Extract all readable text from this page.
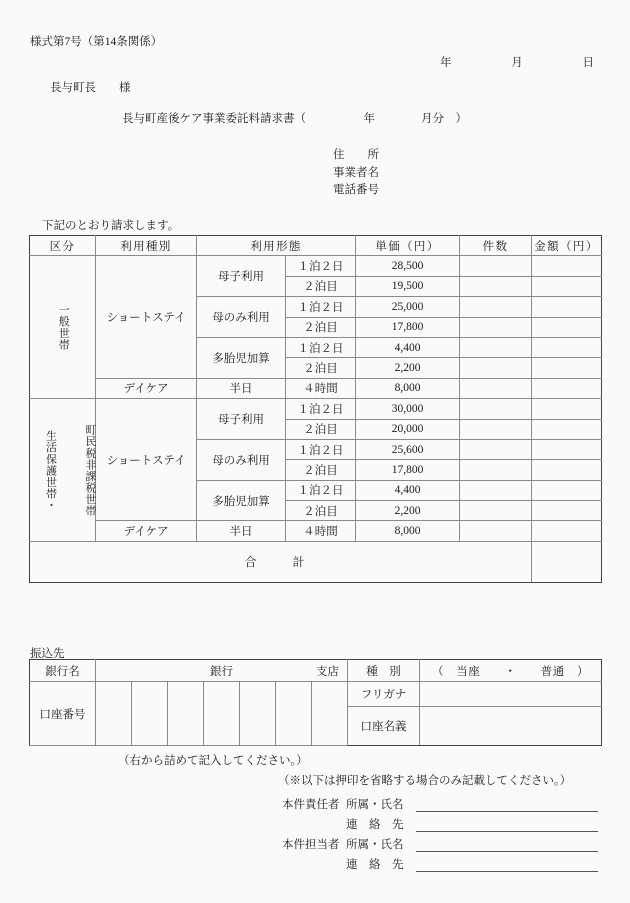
様式第7号（第14条関係）
年	月	日
長与町長　　様
長与町産後ケア事業委託料請求書（　　　　　年　　　　月分　）
住　　所
事業者名
電話番号
下記のとおり請求します。
区分	利用種別	利用形態		単価（円）	件数	金額（円）

一般世帯	ショートステイ	母子利用	１泊２日	28,500		
			２泊目	19,500		
		母のみ利用	１泊２日	25,000		
			２泊目	17,800		
		多胎児加算	１泊２日	4,400		
			２泊目	2,200		
	デイケア	半日	４時間	8,000		

生活保護世帯・ 町民税非課税世帯	ショートステイ	母子利用	１泊２日	30,000		
			２泊目	20,000		
		母のみ利用	１泊２日	25,600		
			２泊目	17,800		
		多胎児加算	１泊２日	4,400		
			２泊目	2,200		
	デイケア	半日	４時間	8,000		
合　計						
振込先
銀行名	銀行 支店							種　別	（　当座　　・　　普通　）
口座番号								フリガナ	
								口座名義	
（右から詰めて記入してください。）
（※以下は押印を省略する場合のみ記載してください。）
本件責任者 所属・氏名
連　絡　先
本件担当者 所属・氏名
連　絡　先
